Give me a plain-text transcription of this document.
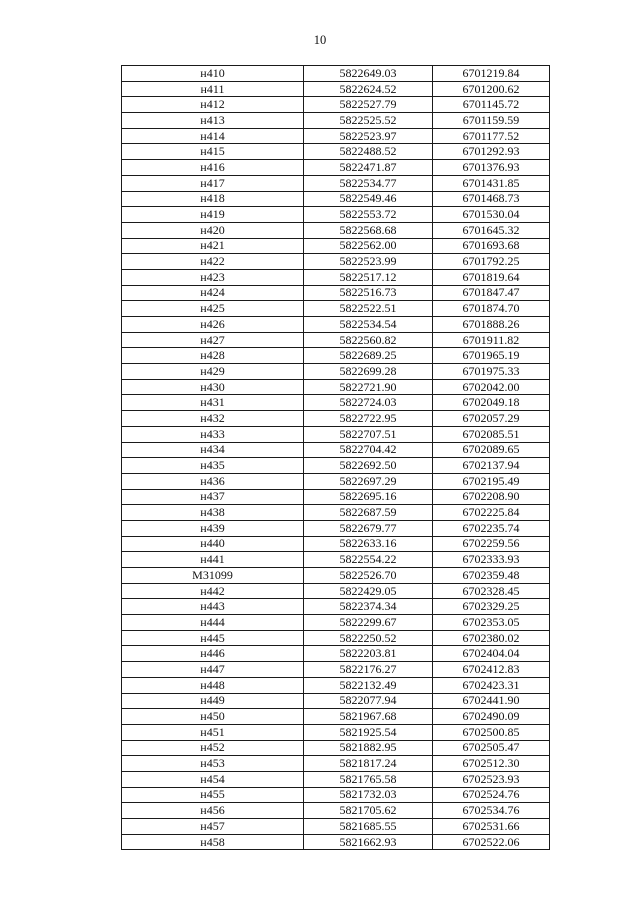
10
н410	5822649.03	6701219.84
н411	5822624.52	6701200.62
н412	5822527.79	6701145.72
н413	5822525.52	6701159.59
н414	5822523.97	6701177.52
н415	5822488.52	6701292.93
н416	5822471.87	6701376.93
н417	5822534.77	6701431.85
н418	5822549.46	6701468.73
н419	5822553.72	6701530.04
н420	5822568.68	6701645.32
н421	5822562.00	6701693.68
н422	5822523.99	6701792.25
н423	5822517.12	6701819.64
н424	5822516.73	6701847.47
н425	5822522.51	6701874.70
н426	5822534.54	6701888.26
н427	5822560.82	6701911.82
н428	5822689.25	6701965.19
н429	5822699.28	6701975.33
н430	5822721.90	6702042.00
н431	5822724.03	6702049.18
н432	5822722.95	6702057.29
н433	5822707.51	6702085.51
н434	5822704.42	6702089.65
н435	5822692.50	6702137.94
н436	5822697.29	6702195.49
н437	5822695.16	6702208.90
н438	5822687.59	6702225.84
н439	5822679.77	6702235.74
н440	5822633.16	6702259.56
н441	5822554.22	6702333.93
М31099	5822526.70	6702359.48
н442	5822429.05	6702328.45
н443	5822374.34	6702329.25
н444	5822299.67	6702353.05
н445	5822250.52	6702380.02
н446	5822203.81	6702404.04
н447	5822176.27	6702412.83
н448	5822132.49	6702423.31
н449	5822077.94	6702441.90
н450	5821967.68	6702490.09
н451	5821925.54	6702500.85
н452	5821882.95	6702505.47
н453	5821817.24	6702512.30
н454	5821765.58	6702523.93
н455	5821732.03	6702524.76
н456	5821705.62	6702534.76
н457	5821685.55	6702531.66
н458	5821662.93	6702522.06
